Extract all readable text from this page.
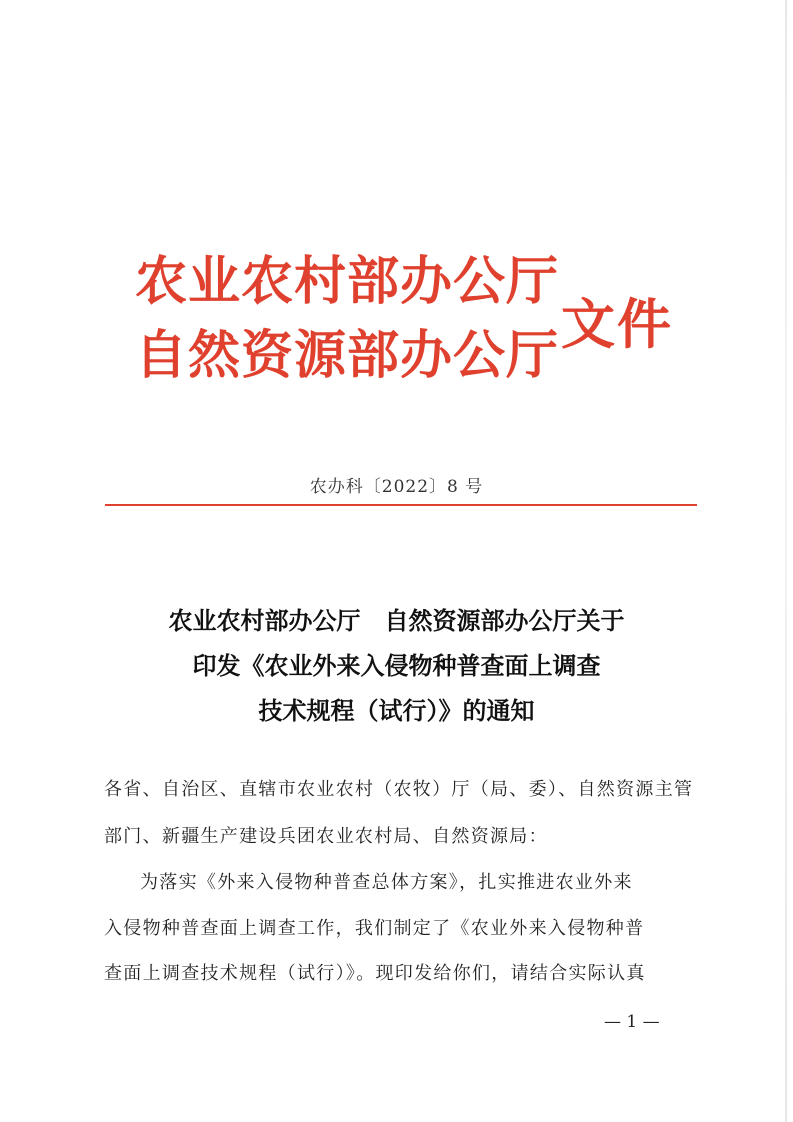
农业农村部办公厅
自然资源部办公厅 文件
农办科〔2022〕8 号
农业农村部办公厅　自然资源部办公厅关于
印发《农业外来入侵物种普查面上调查
技术规程（试行）》的通知
各省、自治区、直辖市农业农村（农牧）厅（局、委）、自然资源主管
部门、新疆生产建设兵团农业农村局、自然资源局：
为落实《外来入侵物种普查总体方案》，扎实推进农业外来
入侵物种普查面上调查工作，我们制定了《农业外来入侵物种普
查面上调查技术规程（试行）》。现印发给你们，请结合实际认真
— 1 —
